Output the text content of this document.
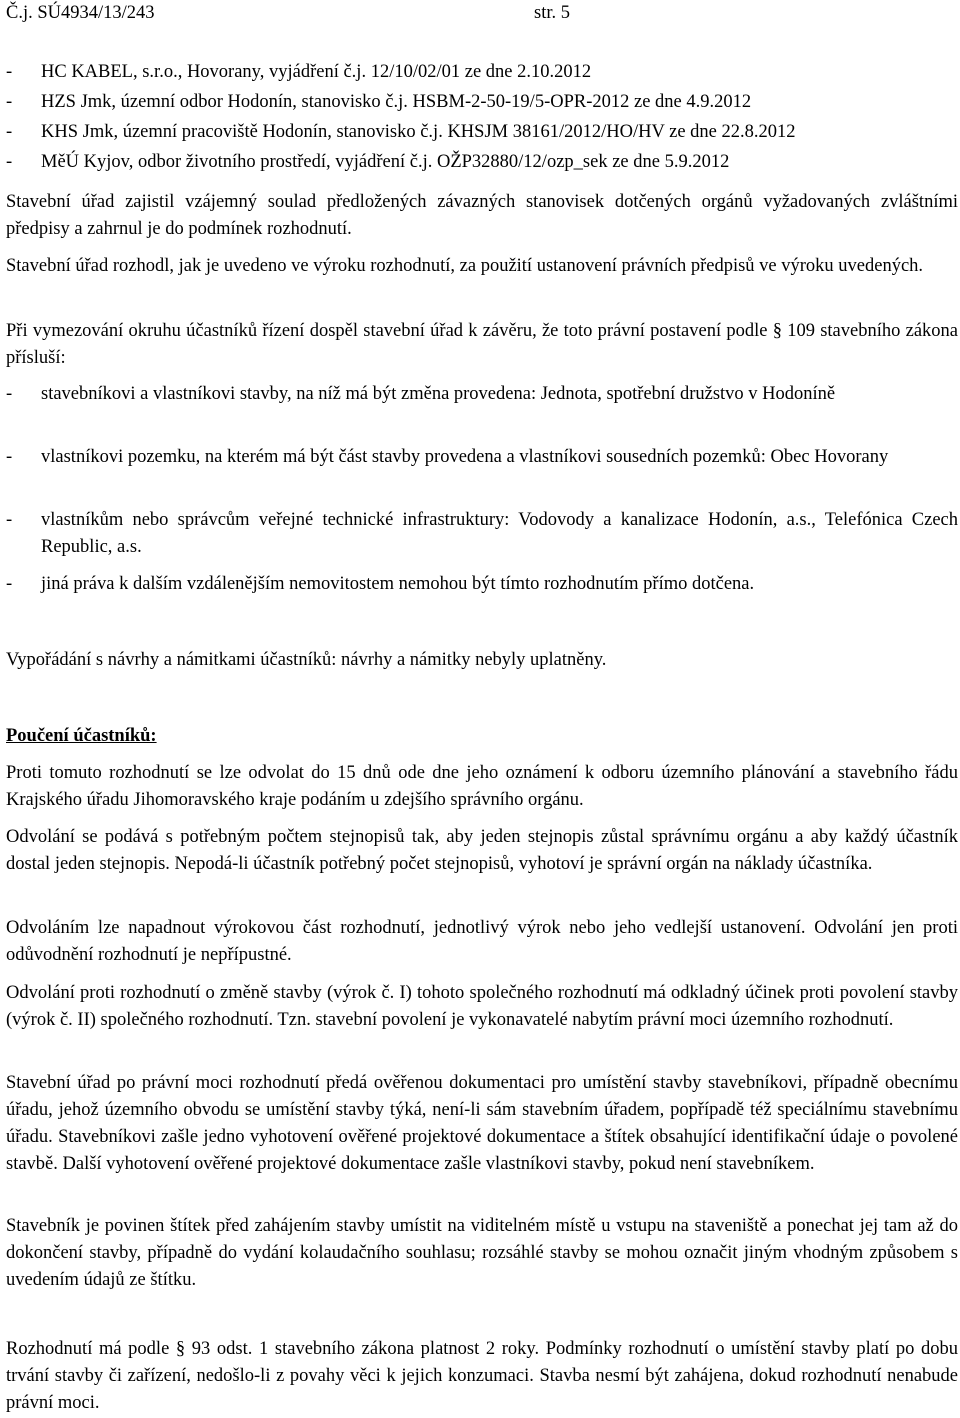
Č.j. SÚ4934/13/243	str. 5
- HC KABEL, s.r.o., Hovorany, vyjádření č.j. 12/10/02/01 ze dne 2.10.2012
- HZS Jmk, územní odbor Hodonín, stanovisko č.j. HSBM-2-50-19/5-OPR-2012 ze dne 4.9.2012
- KHS Jmk, územní pracoviště Hodonín, stanovisko č.j. KHSJM 38161/2012/HO/HV ze dne 22.8.2012
- MěÚ Kyjov, odbor životního prostředí, vyjádření č.j. OŽP32880/12/ozp_sek ze dne 5.9.2012
Stavební úřad zajistil vzájemný soulad předložených závazných stanovisek dotčených orgánů vyžadovaných zvláštními předpisy a zahrnul je do podmínek rozhodnutí.
Stavební úřad rozhodl, jak je uvedeno ve výroku rozhodnutí, za použití ustanovení právních předpisů ve výroku uvedených.
Při vymezování okruhu účastníků řízení dospěl stavební úřad k závěru, že toto právní postavení podle § 109 stavebního zákona přísluší:
- stavebníkovi a vlastníkovi stavby, na níž má být změna provedena: Jednota, spotřební družstvo v Hodoníně
- vlastníkovi pozemku, na kterém má být část stavby provedena a vlastníkovi sousedních pozemků: Obec Hovorany
- vlastníkům nebo správcům veřejné technické infrastruktury: Vodovody a kanalizace Hodonín, a.s., Telefónica Czech Republic, a.s.
- jiná práva k dalším vzdálenějším nemovitostem nemohou být tímto rozhodnutím přímo dotčena.
Vypořádání s návrhy a námitkami účastníků: návrhy a námitky nebyly uplatněny.
Poučení účastníků:
Proti tomuto rozhodnutí se lze odvolat do 15 dnů ode dne jeho oznámení k odboru územního plánování a stavebního řádu Krajského úřadu Jihomoravského kraje podáním u zdejšího správního orgánu.
Odvolání se podává s potřebným počtem stejnopisů tak, aby jeden stejnopis zůstal správnímu orgánu a aby každý účastník dostal jeden stejnopis. Nepodá-li účastník potřebný počet stejnopisů, vyhotoví je správní orgán na náklady účastníka.
Odvoláním lze napadnout výrokovou část rozhodnutí, jednotlivý výrok nebo jeho vedlejší ustanovení. Odvolání jen proti odůvodnění rozhodnutí je nepřípustné.
Odvolání proti rozhodnutí o změně stavby (výrok č. I) tohoto společného rozhodnutí má odkladný účinek proti povolení stavby (výrok č. II) společného rozhodnutí. Tzn. stavební povolení je vykonavatelé nabytím právní moci územního rozhodnutí.
Stavební úřad po právní moci rozhodnutí předá ověřenou dokumentaci pro umístění stavby stavebníkovi, případně obecnímu úřadu, jehož územního obvodu se umístění stavby týká, není-li sám stavebním úřadem, popřípadě též speciálnímu stavebnímu úřadu. Stavebníkovi zašle jedno vyhotovení ověřené projektové dokumentace a štítek obsahující identifikační údaje o povolené stavbě. Další vyhotovení ověřené projektové dokumentace zašle vlastníkovi stavby, pokud není stavebníkem.
Stavebník je povinen štítek před zahájením stavby umístit na viditelném místě u vstupu na staveniště a ponechat jej tam až do dokončení stavby, případně do vydání kolaudačního souhlasu; rozsáhlé stavby se mohou označit jiným vhodným způsobem s uvedením údajů ze štítku.
Rozhodnutí má podle § 93 odst. 1 stavebního zákona platnost 2 roky. Podmínky rozhodnutí o umístění stavby platí po dobu trvání stavby či zařízení, nedošlo-li z povahy věci k jejich konzumaci. Stavba nesmí být zahájena, dokud rozhodnutí nenabude právní moci.
